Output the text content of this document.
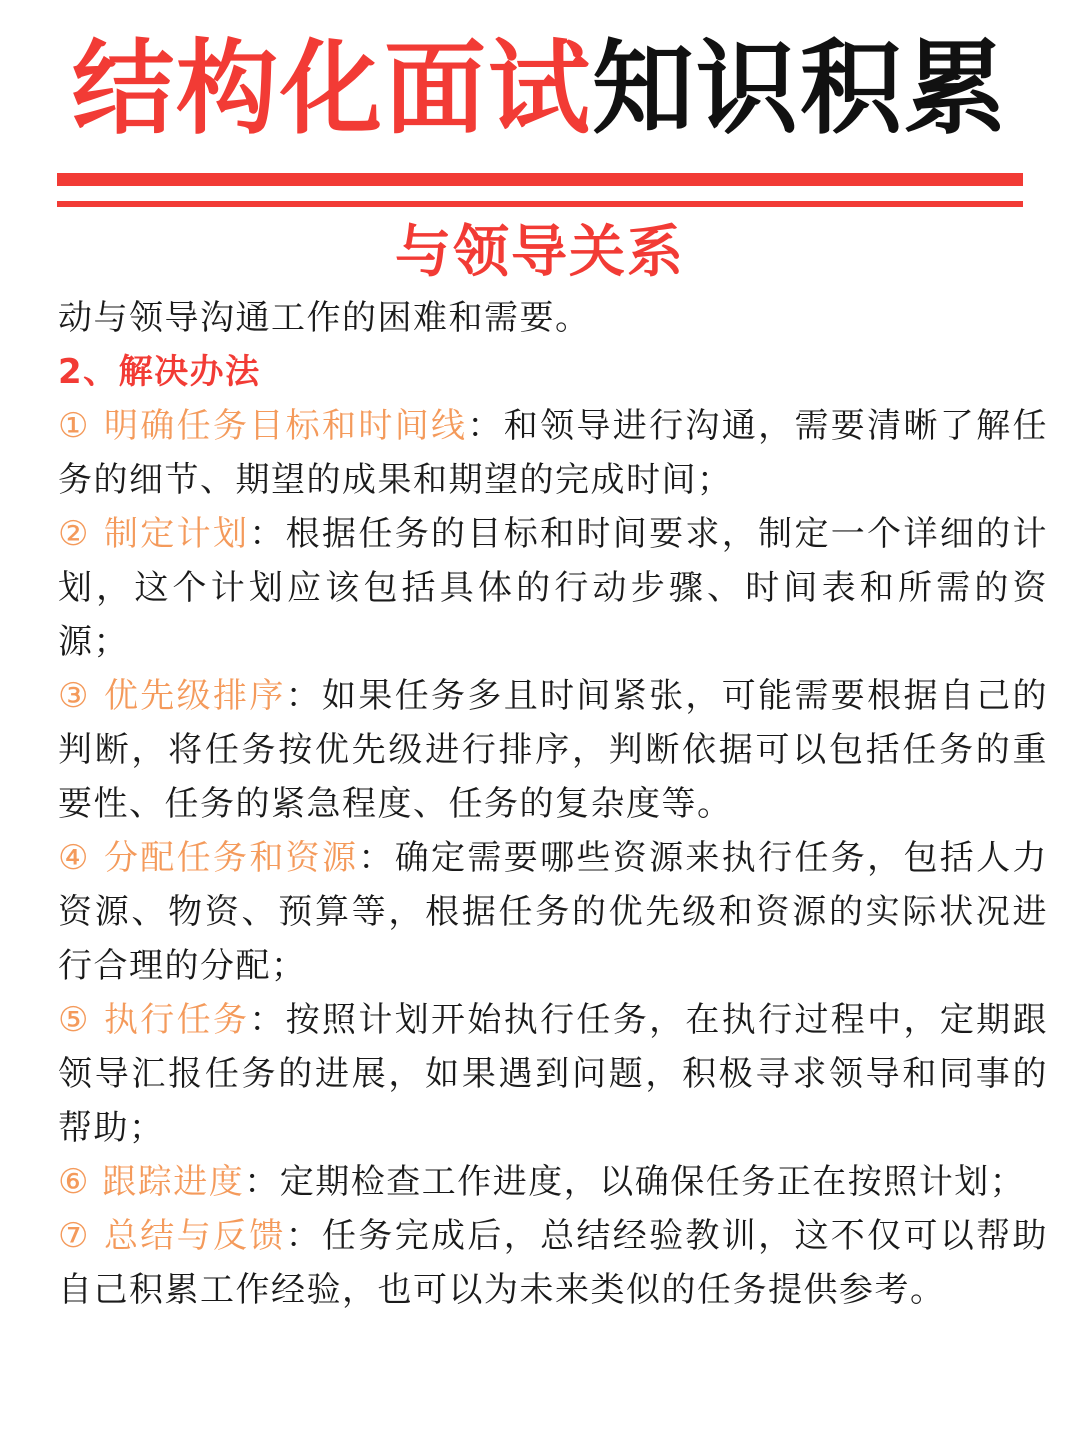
结构化面试知识积累
与领导关系

动与领导沟通工作的困难和需要。

2、解决办法

① 明确任务目标和时间线：和领导进行沟通，需要清晰了解任务的细节、期望的成果和期望的完成时间；

② 制定计划：根据任务的目标和时间要求，制定一个详细的计划，这个计划应该包括具体的行动步骤、时间表和所需的资源；

③ 优先级排序：如果任务多且时间紧张，可能需要根据自己的判断，将任务按优先级进行排序，判断依据可以包括任务的重要性、任务的紧急程度、任务的复杂度等。

④ 分配任务和资源：确定需要哪些资源来执行任务，包括人力资源、物资、预算等，根据任务的优先级和资源的实际状况进行合理的分配；

⑤ 执行任务：按照计划开始执行任务，在执行过程中，定期跟领导汇报任务的进展，如果遇到问题，积极寻求领导和同事的帮助；

⑥ 跟踪进度：定期检查工作进度，以确保任务正在按照计划；

⑦ 总结与反馈：任务完成后，总结经验教训，这不仅可以帮助自己积累工作经验，也可以为未来类似的任务提供参考。
